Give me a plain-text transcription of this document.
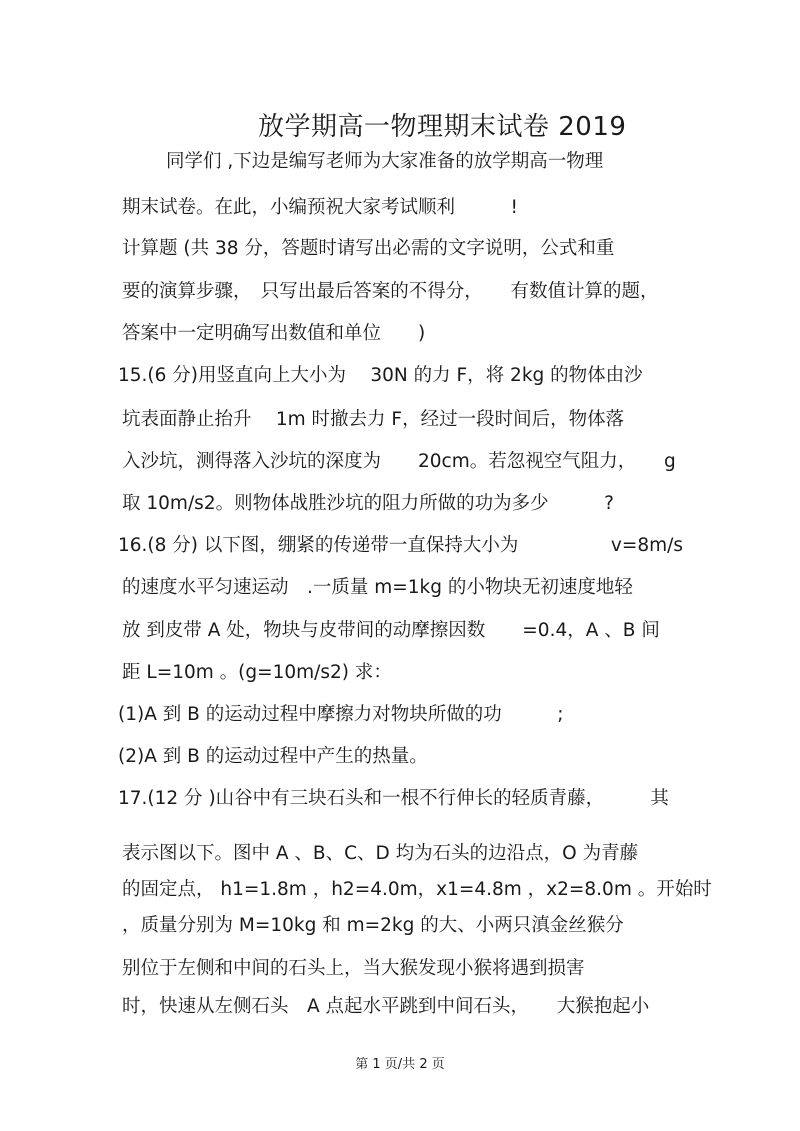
放学期高一物理期末试卷 2019
同学们 ,下边是编写老师为大家准备的放学期高一物理
期末试卷。在此，小编预祝大家考试顺利　　　!
计算题 (共 38 分，答题时请写出必需的文字说明，公式和重
要的演算步骤，　只写出最后答案的不得分，　　有数值计算的题，
答案中一定明确写出数值和单位　　)
15.(6 分)用竖直向上大小为　 30N 的力 F，将 2kg 的物体由沙
坑表面静止抬升　 1m 时撤去力 F，经过一段时间后，物体落
入沙坑，测得落入沙坑的深度为　　20cm。若忽视空气阻力，　　g
取 10m/s2。则物体战胜沙坑的阻力所做的功为多少　　　?
16.(8 分) 以下图，绷紧的传递带一直保持大小为　　　　　v=8m/s
的速度水平匀速运动　.一质量 m=1kg 的小物块无初速度地轻
放 到皮带 A 处，物块与皮带间的动摩擦因数　　=0.4，A 、B 间
距 L=10m 。(g=10m/s2) 求：
(1)A 到 B 的运动过程中摩擦力对物块所做的功　　　;
(2)A 到 B 的运动过程中产生的热量。
17.(12 分 )山谷中有三块石头和一根不行伸长的轻质青藤，　　　其
表示图以下。图中 A 、B、C、D 均为石头的边沿点，O 为青藤
的固定点， h1=1.8m ，h2=4.0m，x1=4.8m ，x2=8.0m 。开始时
，质量分别为 M=10kg 和 m=2kg 的大、小两只滇金丝猴分
别位于左侧和中间的石头上，当大猴发现小猴将遇到损害
时，快速从左侧石头　A 点起水平跳到中间石头，　　大猴抱起小
第 1 页/共 2 页
